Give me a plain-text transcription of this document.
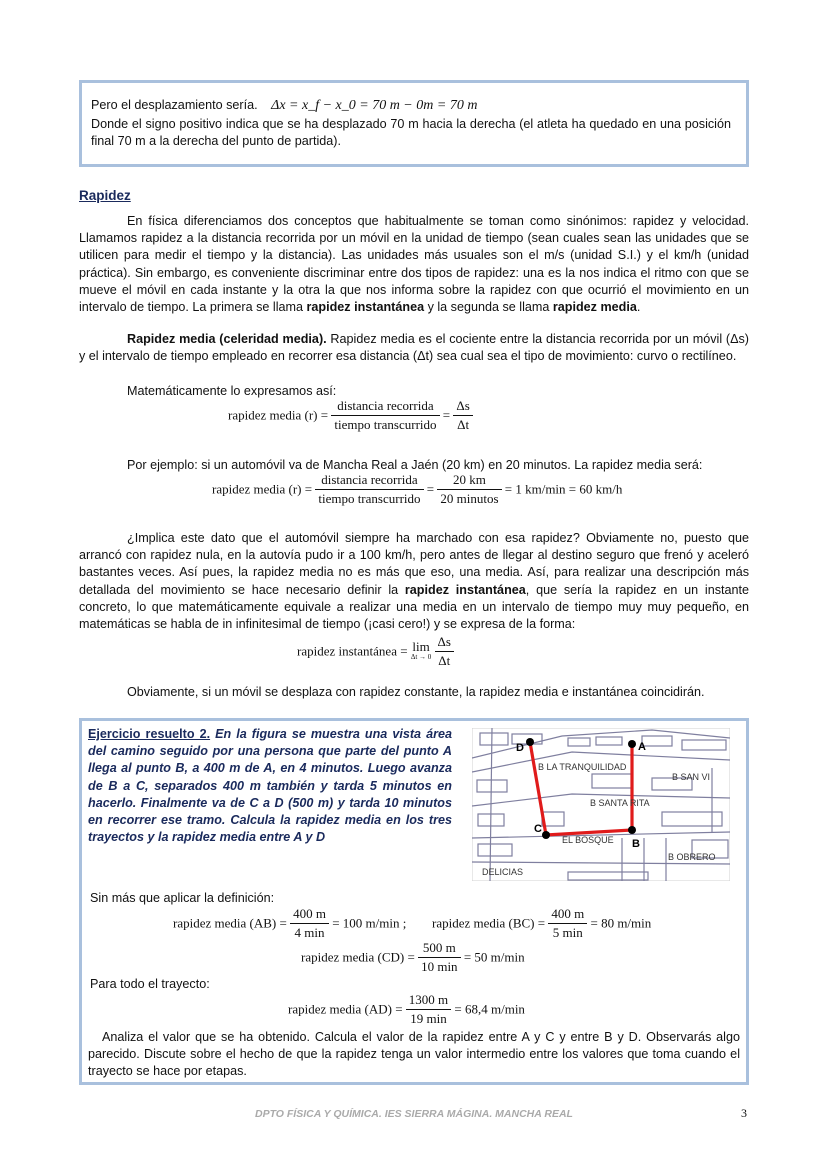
Pero el desplazamiento sería. Δx = x_f − x_0 = 70 m − 0m = 70 m
Donde el signo positivo indica que se ha desplazado 70 m hacia la derecha (el atleta ha quedado en una posición final 70 m a la derecha del punto de partida).
Rapidez
En física diferenciamos dos conceptos que habitualmente se toman como sinónimos: rapidez y velocidad. Llamamos rapidez a la distancia recorrida por un móvil en la unidad de tiempo (sean cuales sean las unidades que se utilicen para medir el tiempo y la distancia). Las unidades más usuales son el m/s (unidad S.I.) y el km/h (unidad práctica). Sin embargo, es conveniente discriminar entre dos tipos de rapidez: una es la nos indica el ritmo con que se mueve el móvil en cada instante y la otra la que nos informa sobre la rapidez con que ocurrió el movimiento en un intervalo de tiempo. La primera se llama rapidez instantánea y la segunda se llama rapidez media.
Rapidez media (celeridad media). Rapidez media es el cociente entre la distancia recorrida por un móvil (Δs) y el intervalo de tiempo empleado en recorrer esa distancia (Δt) sea cual sea el tipo de movimiento: curvo o rectilíneo.
Matemáticamente lo expresamos así:
rapidez media $(r) = \frac{\text{distancia recorrida}}{\text{tiempo transcurrido}} = \frac{\Delta s}{\Delta t}$
Por ejemplo: si un automóvil va de Mancha Real a Jaén (20 km) en 20 minutos. La rapidez media será:
rapidez media $(r) = \frac{\text{distancia recorrida}}{\text{tiempo transcurrido}} = \frac{20 km}{\text{20 minutos}} = 1$ km/min = 60 km/h
¿Implica este dato que el automóvil siempre ha marchado con esa rapidez? Obviamente no, puesto que arrancó con rapidez nula, en la autovía pudo ir a 100 km/h, pero antes de llegar al destino seguro que frenó y aceleró bastantes veces. Así pues, la rapidez media no es más que eso, una media. Así, para realizar una descripción más detallada del movimiento se hace necesario definir la rapidez instantánea, que sería la rapidez en un instante concreto, lo que matemáticamente equivale a realizar una media en un intervalo de tiempo muy muy pequeño, en matemáticas se habla de in infinitesimal de tiempo (¡casi cero!) y se expresa de la forma:
rapidez instantánea = lim
Δt → 0
$\frac{\Delta s}{\Delta t}$
Obviamente, si un móvil se desplaza con rapidez constante, la rapidez media e instantánea coincidirán.
Ejercicio resuelto 2. En la figura se muestra una vista área del camino seguido por una persona que parte del punto A llega al punto B, a 400 m de A, en 4 minutos. Luego avanza de B a C, separados 400 m también y tarda 5 minutos en hacerlo. Finalmente va de C a D (500 m) y tarda 10 minutos en recorrer ese tramo. Calcula la rapidez media en los tres trayectos y la rapidez media entre A y D
D	A
B
C
B LA TRANQUILIDAD
B SAN VI
B SANTA RITA
EL BOSQUE
B OBRERO
DELICIAS
Sin más que aplicar la definición:
rapidez media $(AB) = \frac{400 m}{4 \min} = 100$ m/min ; rapidez media $(BC) = \frac{400 m}{5 \min} = 80$ m/min
rapidez media $(CD) = \frac{500 m}{10 \min} = 50$ m/min
Para todo el trayecto:
rapidez media $(AD) = \frac{1300 m}{19 \min} = 68,4$ m/min
Analiza el valor que se ha obtenido. Calcula el valor de la rapidez entre A y C y entre B y D. Observarás algo parecido. Discute sobre el hecho de que la rapidez tenga un valor intermedio entre los valores que toma cuando el trayecto se hace por etapas.
DPTO FÍSICA Y QUÍMICA. IES SIERRA MÁGINA. MANCHA REAL	3
